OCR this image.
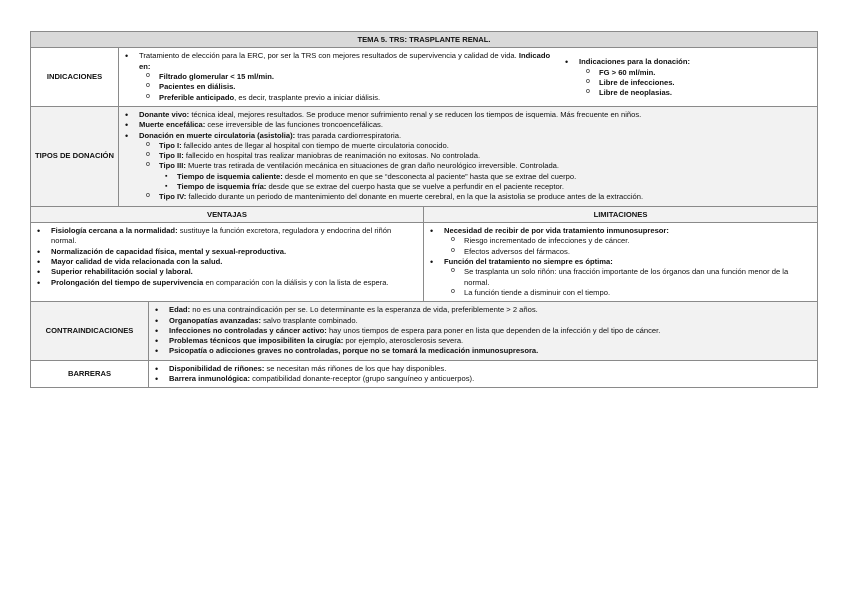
TEMA 5. TRS: TRASPLANTE RENAL.
INDICACIONES
• Tratamiento de elección para la ERC, por ser la TRS con mejores resultados de supervivencia y calidad de vida. Indicado en:
o Filtrado glomerular < 15 ml/min.
o Pacientes en diálisis.
o Preferible anticipado, es decir, trasplante previo a iniciar diálisis.
• Indicaciones para la donación:
o FG > 60 ml/min.
o Libre de infecciones.
o Libre de neoplasias.
TIPOS DE DONACIÓN
• Donante vivo: técnica ideal, mejores resultados. Se produce menor sufrimiento renal y se reducen los tiempos de isquemia. Más frecuente en niños.
• Muerte encefálica: cese irreversible de las funciones troncoencefálicas.
• Donación en muerte circulatoria (asistolia): tras parada cardiorrespiratoria.
o Tipo I: fallecido antes de llegar al hospital con tiempo de muerte circulatoria conocido.
o Tipo II: fallecido en hospital tras realizar maniobras de reanimación no exitosas. No controlada.
o Tipo III: Muerte tras retirada de ventilación mecánica en situaciones de gran daño neurológico irreversible. Controlada.
▪ Tiempo de isquemia caliente: desde el momento en que se “desconecta al paciente” hasta que se extrae del cuerpo.
▪ Tiempo de isquemia fría: desde que se extrae del cuerpo hasta que se vuelve a perfundir en el paciente receptor.
o Tipo IV: fallecido durante un periodo de mantenimiento del donante en muerte cerebral, en la que la asistolia se produce antes de la extracción.
VENTAJAS	LIMITACIONES
• Fisiología cercana a la normalidad: sustituye la función excretora, reguladora y endocrina del riñón normal.
• Normalización de capacidad física, mental y sexual-reproductiva.
• Mayor calidad de vida relacionada con la salud.
• Superior rehabilitación social y laboral.
• Prolongación del tiempo de supervivencia en comparación con la diálisis y con la lista de espera.
• Necesidad de recibir de por vida tratamiento inmunosupresor:
o Riesgo incrementado de infecciones y de cáncer.
o Efectos adversos del fármacos.
• Función del tratamiento no siempre es óptima:
o Se trasplanta un solo riñón: una fracción importante de los órganos dan una función menor de la normal.
o La función tiende a disminuir con el tiempo.
CONTRAINDICACIONES
• Edad: no es una contraindicación per se. Lo determinante es la esperanza de vida, preferiblemente > 2 años.
• Organopatías avanzadas: salvo trasplante combinado.
• Infecciones no controladas y cáncer activo: hay unos tiempos de espera para poner en lista que dependen de la infección y del tipo de cáncer.
• Problemas técnicos que imposibiliten la cirugía: por ejemplo, aterosclerosis severa.
• Psicopatía o adicciones graves no controladas, porque no se tomará la medicación inmunosupresora.
BARRERAS
• Disponibilidad de riñones: se necesitan más riñones de los que hay disponibles.
• Barrera inmunológica: compatibilidad donante-receptor (grupo sanguíneo y anticuerpos).
